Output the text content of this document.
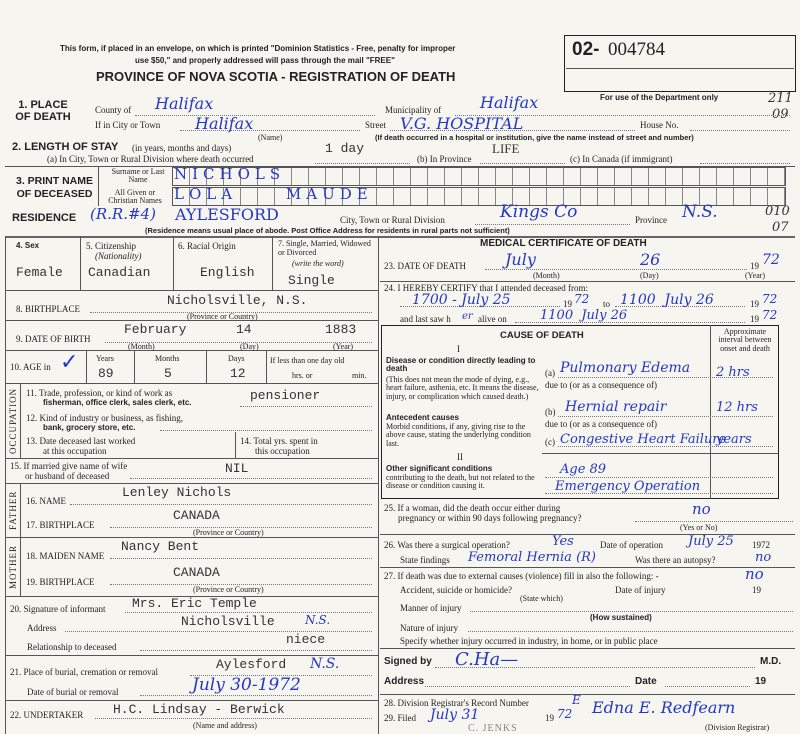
This form, if placed in an envelope, on which is printed "Dominion Statistics - Free, penalty for improper
use $50," and properly addressed will pass through the mail "FREE"
PROVINCE OF NOVA SCOTIA - REGISTRATION OF DEATH
02- 004784
For use of the Department only	211
09
010
07
1. PLACE OF DEATH
County of Halifax	Municipality of Halifax
If in City or Town Halifax
(Name)
Street V.G. HOSPITAL	House No.
(If death occurred in a hospital or institution, give the name instead of street and number)
2. LENGTH OF STAY (in years, months and days)
(a) In City, Town or Rural Division where death occurred
1 day
(b) In Province
LIFE
(c) In Canada (if immigrant)
3. PRINT NAME OF DECEASED
Surname or Last Name	NICHOLS
All Given or Christian Names LOLA     MAUDE
RESIDENCE (R.R.#4) AYLESFORD	City, Town or Rural Division	Kings Co	Province N.S.
(Residence means usual place of abode. Post Office Address for residents in rural parts not sufficient)
4. Sex
Female
5. Citizenship
(Nationality)
Canadian
6. Racial Origin
English
7. Single, Married, Widowed or Divorced
(write the word)
Single
8. BIRTHPLACE
Nicholsville, N.S.
(Province or Country)
9. DATE OF BIRTH
February	14	1883
(Month)	(Day)	(Year)
10. AGE in ✓ Years
89
Months
5
Days
12
If less than one day old
hrs. or	min.
OCCUPATION 11. Trade, profession, or kind of work as
fisherman, office clerk, sales clerk, etc.	pensioner
12. Kind of industry or business, as fishing,
bank, grocery store, etc.
13. Date deceased last worked
at this occupation
14. Total yrs. spent in
this occupation
15. If married give name of wife
or husband of deceased	NIL
FATHER 16. NAME
Lenley Nichols
17. BIRTHPLACE
CANADA
(Province or Country)
MOTHER 18. MAIDEN NAME
Nancy Bent
19. BIRTHPLACE
CANADA
(Province or Country)
20. Signature of informant Mrs. Eric Temple
Address	Nicholsville	N.S.
Relationship to deceased	niece
21. Place of burial, cremation or removal	Aylesford N.S.
Date of burial or removal	July 30-1972
22. UNDERTAKER H.C. Lindsay - Berwick
(Name and address)
MEDICAL CERTIFICATE OF DEATH
23. DATE OF DEATH July	26	19 72
(Month)	(Day)	(Year)
24. I HEREBY CERTIFY that I attended deceased from:
1700 - July 25	19 72 to 1100  July 26	19 72
and last saw h er alive on	1100  July 26	19 72
CAUSE OF DEATH	Approximate interval between onset and death
I
Disease or condition directly leading to death
(This does not mean the mode of dying, e.g., heart failure, asthenia, etc. It means the disease, injury, or complication which caused death.)
(a) Pulmonary Edema 2 hrs
due to (or as a consequence of)
(b) Hernial repair	12 hrs
Antecedent causes
Morbid conditions, if any, giving rise to the above cause, stating the underlying condition last.
due to (or as a consequence of)
(c) Congestive Heart Failure
years
II
Other significant conditions
contributing to the death, but not related to the disease or condition causing it.
Age 89
Emergency Operation
25. If a woman, did the death occur either during
pregnancy or within 90 days following pregnancy?	no
(Yes or No)
26. Was there a surgical operation?	Yes	Date of operation July 25 1972
State findings Femoral Hernia (R)	Was there an autopsy?	no
27. If death was due to external causes (violence) fill in also the following: -	no
Accident, suicide or homicide?
(State which)
Date of injury	19
Manner of injury
(How sustained)
Nature of injury
Specify whether injury occurred in industry, in home, or in public place
Signed by C.Ha—	M.D.
Address	Date	19
28. Division Registrar's Record Number	E
29. Filed July 31	19 72 Edna E. Redfearn
(Division Registrar)
C. JENKS
